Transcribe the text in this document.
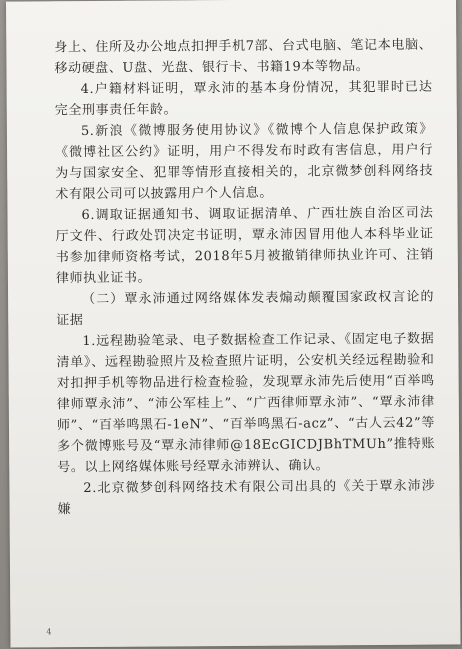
身上、住所及办公地点扣押手机7部、台式电脑、笔记本电脑、移动硬盘、U盘、光盘、银行卡、书籍19本等物品。

4.户籍材料证明，覃永沛的基本身份情况，其犯罪时已达完全刑事责任年龄。

5.新浪《微博服务使用协议》《微博个人信息保护政策》《微博社区公约》证明，用户不得发布时政有害信息，用户行为与国家安全、犯罪等情形直接相关的，北京微梦创科网络技术有限公司可以披露用户个人信息。

6.调取证据通知书、调取证据清单、广西壮族自治区司法厅文件、行政处罚决定书证明，覃永沛因冒用他人本科毕业证书参加律师资格考试，2018年5月被撤销律师执业许可、注销律师执业证书。

（二）覃永沛通过网络媒体发表煽动颠覆国家政权言论的证据

1.远程勘验笔录、电子数据检查工作记录、《固定电子数据清单》、远程勘验照片及检查照片证明，公安机关经远程勘验和对扣押手机等物品进行检查检验，发现覃永沛先后使用“百举鸣律师覃永沛”、“沛公军桂上”、“广西律师覃永沛”、“覃永沛律师”、“百举鸣黑石-1eN”、“百举鸣黑石-acz”、“古人云42”等多个微博账号及“覃永沛律师@18EcGICDJBhTMUh”推特账号。以上网络媒体账号经覃永沛辨认、确认。

2.北京微梦创科网络技术有限公司出具的《关于覃永沛涉嫌

4
